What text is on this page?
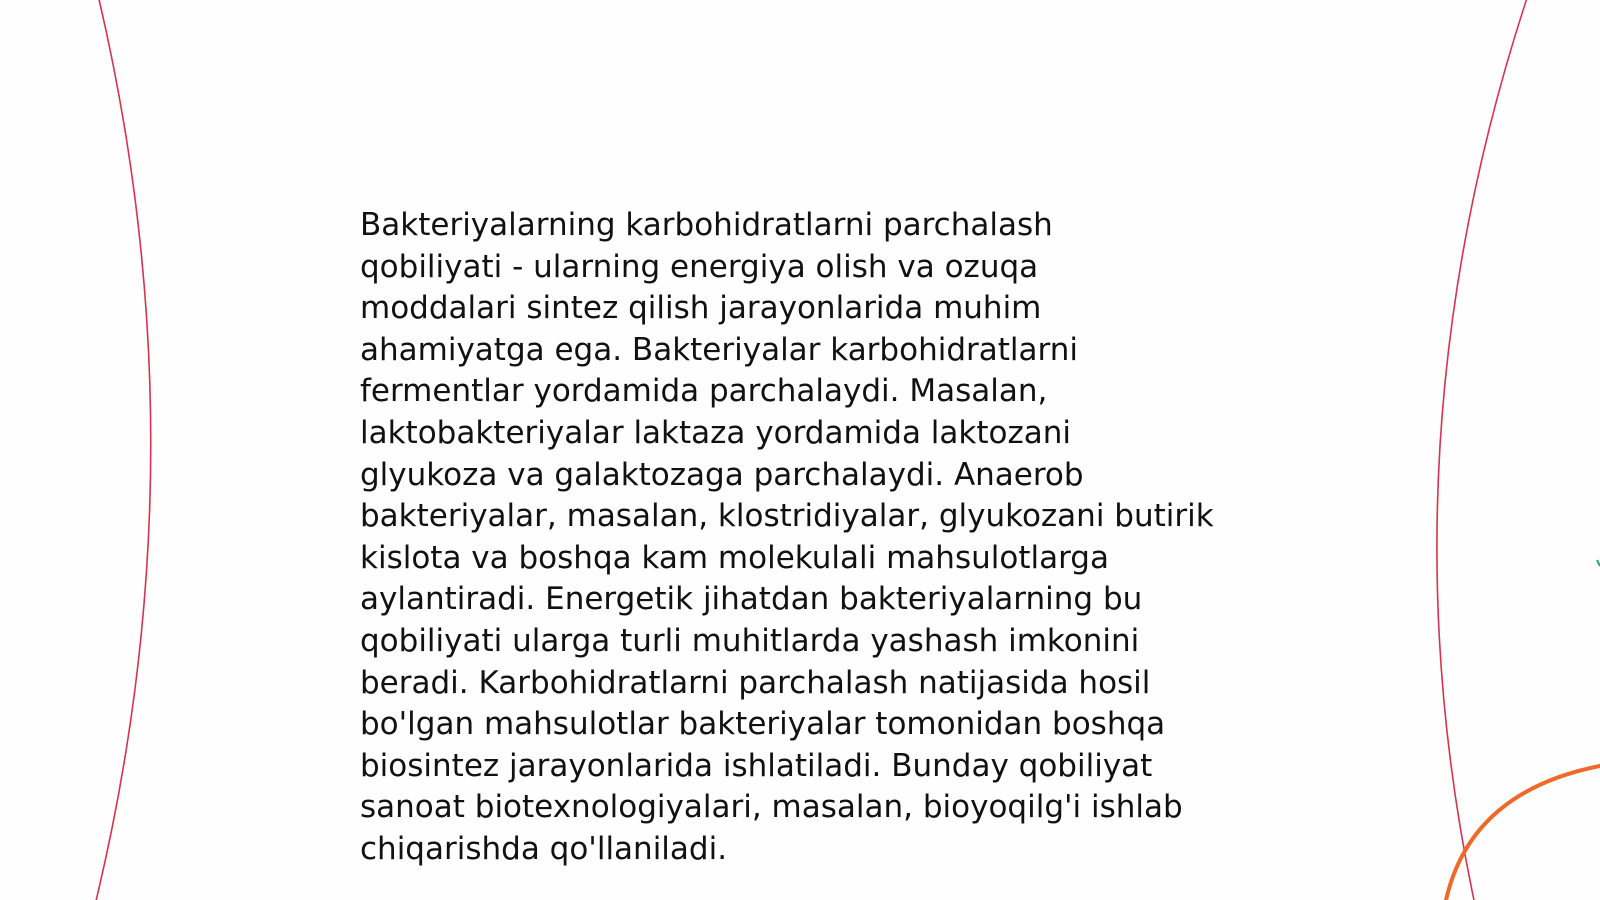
Bakteriyalarning karbohidratlarni parchalash
qobiliyati - ularning energiya olish va ozuqa
moddalari sintez qilish jarayonlarida muhim
ahamiyatga ega. Bakteriyalar karbohidratlarni
fermentlar yordamida parchalaydi. Masalan,
laktobakteriyalar laktaza yordamida laktozani
glyukoza va galaktozaga parchalaydi. Anaerob
bakteriyalar, masalan, klostridiyalar, glyukozani butirik
kislota va boshqa kam molekulali mahsulotlarga
aylantiradi. Energetik jihatdan bakteriyalarning bu
qobiliyati ularga turli muhitlarda yashash imkonini
beradi. Karbohidratlarni parchalash natijasida hosil
bo'lgan mahsulotlar bakteriyalar tomonidan boshqa
biosintez jarayonlarida ishlatiladi. Bunday qobiliyat
sanoat biotexnologiyalari, masalan, bioyoqilg'i ishlab
chiqarishda qo'llaniladi.
